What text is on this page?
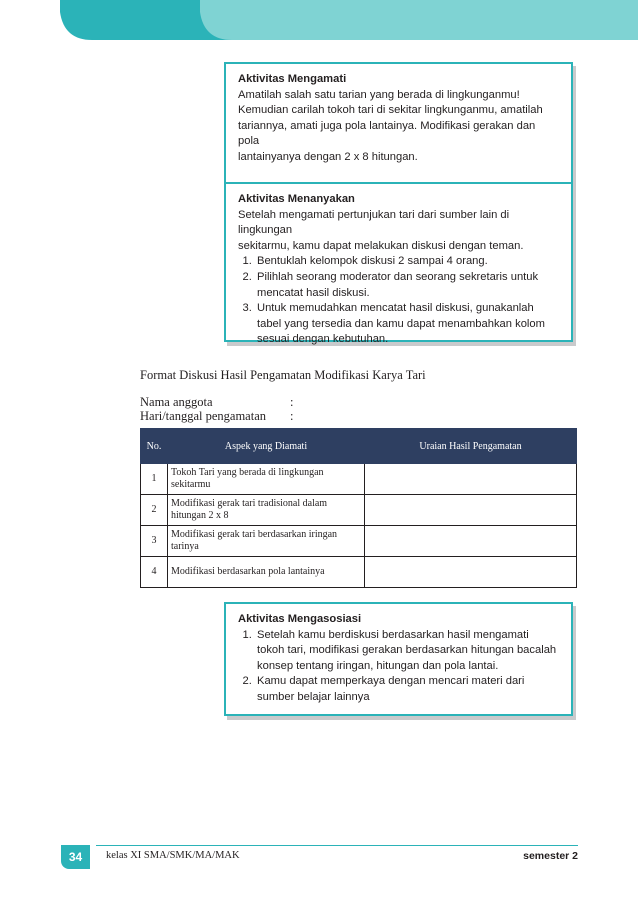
Aktivitas Mengamati
Amatilah salah satu tarian yang berada di lingkunganmu!
Kemudian carilah tokoh tari di sekitar lingkunganmu, amatilah
tariannya, amati juga pola lantainya. Modifikasi gerakan dan pola
lantainyanya dengan 2 x 8 hitungan.
Aktivitas Menanyakan
Setelah mengamati pertunjukan tari dari sumber lain di lingkungan
sekitarmu, kamu dapat melakukan diskusi dengan teman.
1. Bentuklah kelompok diskusi 2 sampai 4 orang.
2. Pilihlah seorang moderator dan seorang sekretaris untuk mencatat hasil diskusi.
3. Untuk memudahkan mencatat hasil diskusi, gunakanlah tabel yang tersedia dan kamu dapat menambahkan kolom sesuai dengan kebutuhan.
Format Diskusi Hasil Pengamatan Modifikasi Karya Tari
Nama anggota	:
Hari/tanggal pengamatan :
No.	Aspek yang Diamati	Uraian Hasil Pengamatan
1	Tokoh Tari yang berada di lingkungan sekitarmu	
2	Modifikasi gerak tari tradisional dalam hitungan 2 x 8	
3	Modifikasi gerak tari berdasarkan iringan tarinya	
4	Modifikasi berdasarkan pola lantainya	
Aktivitas Mengasosiasi
1. Setelah kamu berdiskusi berdasarkan hasil mengamati tokoh tari, modifikasi gerakan berdasarkan hitungan bacalah konsep tentang iringan, hitungan dan pola lantai.
2. Kamu dapat memperkaya dengan mencari materi dari sumber belajar lainnya
34	kelas XI SMA/SMK/MA/MAK	semester 2
